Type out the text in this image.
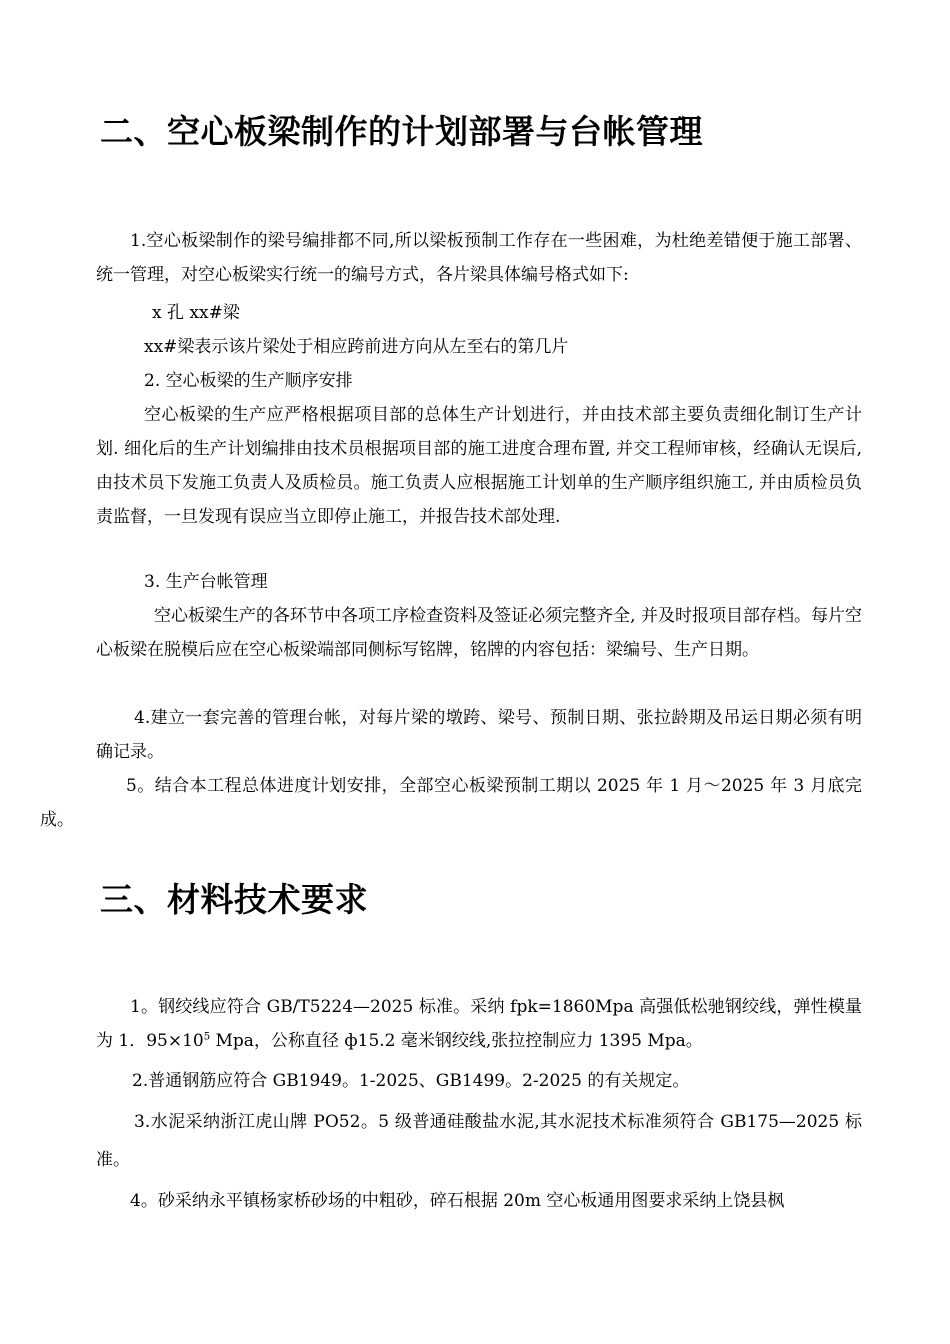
二、空心板梁制作的计划部署与台帐管理

1.空心板梁制作的梁号编排都不同,所以梁板预制工作存在一些困难，为杜绝差错便于施工部署、统一管理，对空心板梁实行统一的编号方式，各片梁具体编号格式如下:

x 孔 xx#梁

xx#梁表示该片梁处于相应跨前进方向从左至右的第几片

2. 空心板梁的生产顺序安排

空心板梁的生产应严格根据项目部的总体生产计划进行，并由技术部主要负责细化制订生产计划. 细化后的生产计划编排由技术员根据项目部的施工进度合理布置, 并交工程师审核，经确认无误后, 由技术员下发施工负责人及质检员。施工负责人应根据施工计划单的生产顺序组织施工, 并由质检员负责监督，一旦发现有误应当立即停止施工，并报告技术部处理.

3. 生产台帐管理

空心板梁生产的各环节中各项工序检查资料及签证必须完整齐全, 并及时报项目部存档。每片空心板梁在脱模后应在空心板梁端部同侧标写铭牌，铭牌的内容包括：梁编号、生产日期。

4.建立一套完善的管理台帐，对每片梁的墩跨、梁号、预制日期、张拉龄期及吊运日期必须有明确记录。

5。结合本工程总体进度计划安排，全部空心板梁预制工期以 2025 年 1 月～2025 年 3 月底完成。

三、材料技术要求

1。钢绞线应符合 GB/T5224—2025 标准。采纳 fpk=1860Mpa 高强低松驰钢绞线，弹性模量为 1．$95\times 10^5$ Mpa，公称直径 ф15.2 毫米钢绞线,张拉控制应力 1395 Mpa。

2.普通钢筋应符合 GB1949。1-2025、GB1499。2-2025 的有关规定。

3.水泥采纳浙江虎山牌 PO52。5 级普通硅酸盐水泥,其水泥技术标准须符合 GB175—2025 标准。

4。砂采纳永平镇杨家桥砂场的中粗砂，碎石根据 20m 空心板通用图要求采纳上饶县枫
